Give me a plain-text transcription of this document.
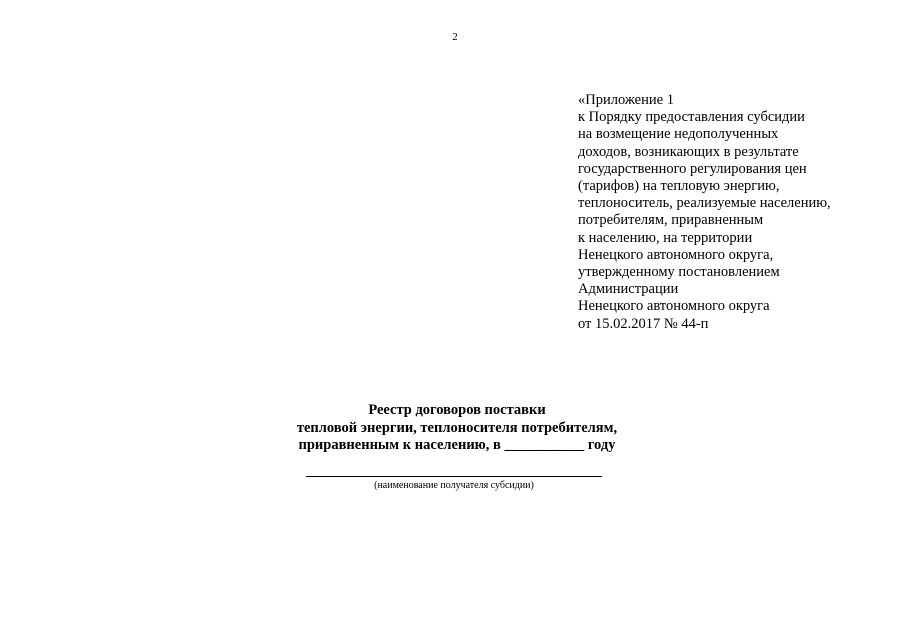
2
«Приложение 1
к Порядку предоставления субсидии
на возмещение недополученных
доходов, возникающих в результате
государственного регулирования цен
(тарифов) на тепловую энергию,
теплоноситель, реализуемые населению,
потребителям, приравненным
к населению, на территории
Ненецкого автономного округа,
утвержденному постановлением
Администрации
Ненецкого автономного округа
от 15.02.2017 № 44-п
Реестр договоров поставки
тепловой энергии, теплоносителя потребителям,
приравненным к населению, в ___________ году
(наименование получателя субсидии)
